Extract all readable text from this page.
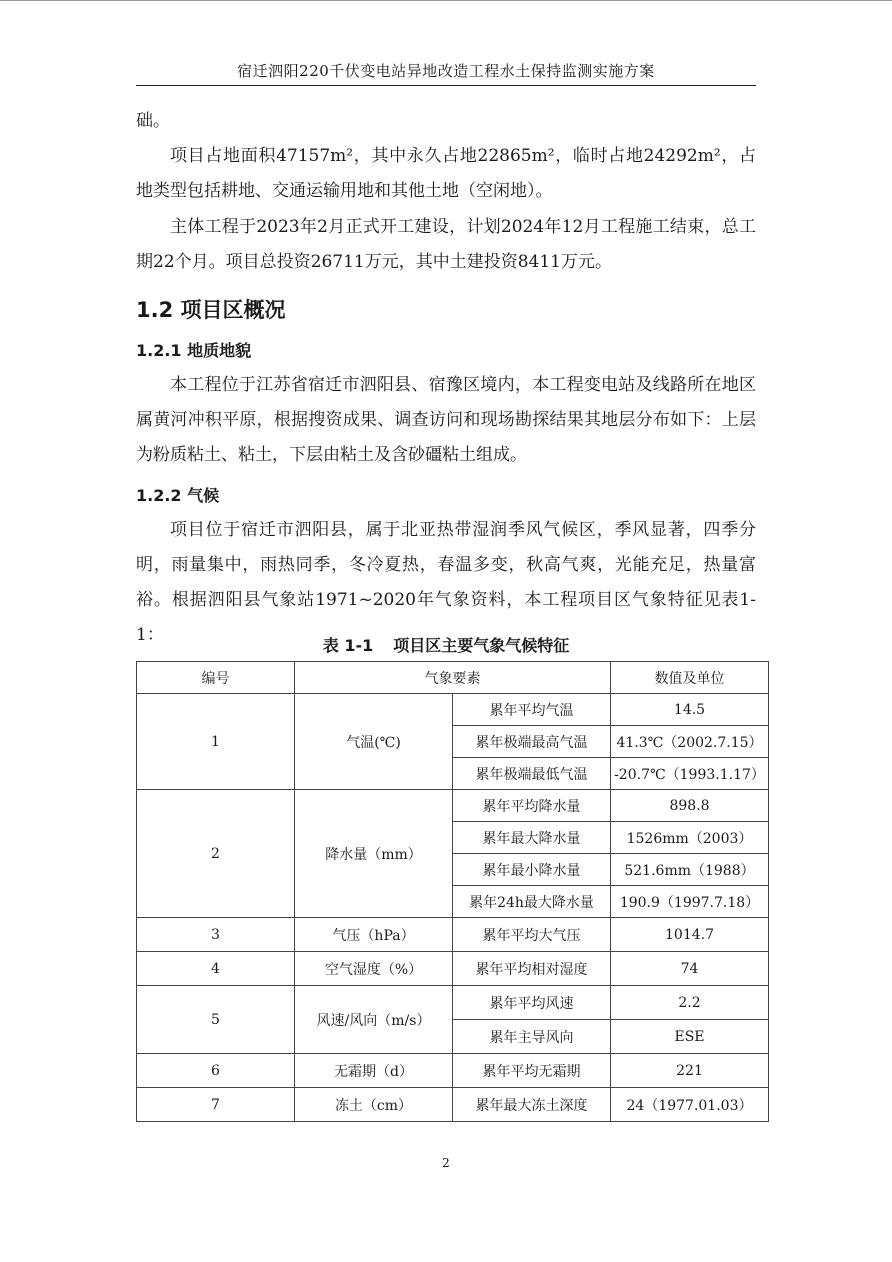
宿迁泗阳220千伏变电站异地改造工程水土保持监测实施方案

础。

项目占地面积47157m²，其中永久占地22865m²，临时占地24292m²，占地类型包括耕地、交通运输用地和其他土地（空闲地）。

主体工程于2023年2月正式开工建设，计划2024年12月工程施工结束，总工期22个月。项目总投资26711万元，其中土建投资8411万元。

1.2 项目区概况
1.2.1 地质地貌

本工程位于江苏省宿迁市泗阳县、宿豫区境内，本工程变电站及线路所在地区属黄河冲积平原，根据搜资成果、调查访问和现场勘探结果其地层分布如下：上层为粉质粘土、粘土，下层由粘土及含砂礓粘土组成。

1.2.2 气候

项目位于宿迁市泗阳县，属于北亚热带湿润季风气候区，季风显著，四季分明，雨量集中，雨热同季，冬冷夏热，春温多变，秋高气爽，光能充足，热量富裕。根据泗阳县气象站1971~2020年气象资料，本工程项目区气象特征见表1-1：

表 1-1 项目区主要气象气候特征
编号	气象要素		数值及单位
1	气温(℃)	累年平均气温	14.5
		累年极端最高气温	41.3℃（2002.7.15）
		累年极端最低气温	-20.7℃（1993.1.17）
2	降水量（mm）	累年平均降水量	898.8
		累年最大降水量	1526mm（2003）
		累年最小降水量	521.6mm（1988）
		累年24h最大降水量	190.9（1997.7.18）
3	气压（hPa）	累年平均大气压	1014.7
4	空气湿度（%）	累年平均相对湿度	74
5	风速/风向（m/s）	累年平均风速	2.2
		累年主导风向	ESE
6	无霜期（d）	累年平均无霜期	221
7	冻土（cm）	累年最大冻土深度	24（1977.01.03）
2
